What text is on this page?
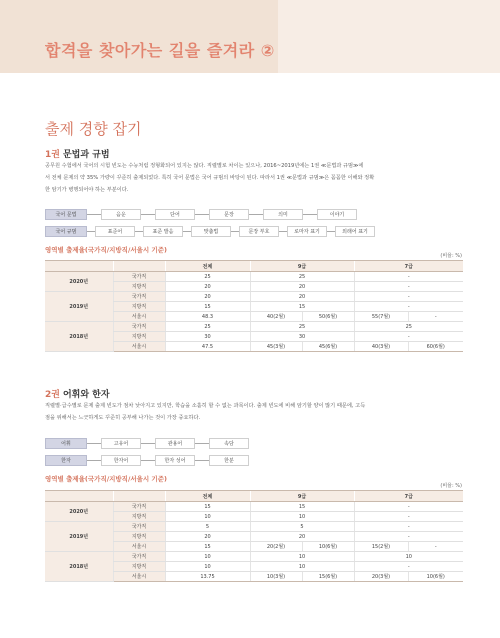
합격을 찾아가는 길을 즐겨라 ②
출제 경향 잡기
1권 문법과 규범
공무원 수험에서 국어의 시험 빈도는 수능처럼 정형화되어 있지는 않다. 직렬별로 차이는 있으나, 2016~2019년에는 1권 ≪문법과 규범≫에
서 전체 문제의 약 35% 가량이 꾸준히 출제되었다. 특히 국어 문법은 국어 규범의 바탕이 된다. 따라서 1권 ≪문법과 규범≫은 꼼꼼한 이해와 정확
한 암기가 병행되어야 하는 부분이다.
국어 문법	음운	단어	문장	의미	이야기
국어 규범	표준어	표준 발음	맞춤법	문장 부호	로마자 표기	외래어 표기
영역별 출제율(국가직/지방직/서울시 기준)
(비율: %)
		전체	9급		7급	
2020년	국가직	25	25		-	
	지방직	20	20		-	
2019년	국가직	20	20		-	
	지방직	15	15		-	
	서울시	48.3	40(2월)	50(6월)	55(7월)	-
2018년	국가직	25	25		25	
	지방직	30	30		-	
	서울시	47.5	45(3월)	45(6월)	40(3월)	60(6월)
2권 어휘와 한자
직렬별·급수별로 문제 출제 빈도가 점차 낮아지고 있지만, 학습을 소홀히 할 수 없는 과목이다. 출제 빈도에 비해 암기할 양이 많기 때문에, 고득
점을 위해서는 느긋하게도 꾸준히 공부해 나가는 것이 가장 중요하다.
어휘	고유어	관용어	속담
한자	한자어	한자 성어	한분
영역별 출제율(국가직/지방직/서울시 기준)
(비율: %)
		전체	9급		7급	
2020년	국가직	15	15		-	
	지방직	10	10		-	
2019년	국가직	5	5		-	
	지방직	20	20		-	
	서울시	15	20(2월)	10(6월)	15(2월)	-
2018년	국가직	10	10		10	
	지방직	10	10		-	
	서울시	13.75	10(3월)	15(6월)	20(3월)	10(6월)
